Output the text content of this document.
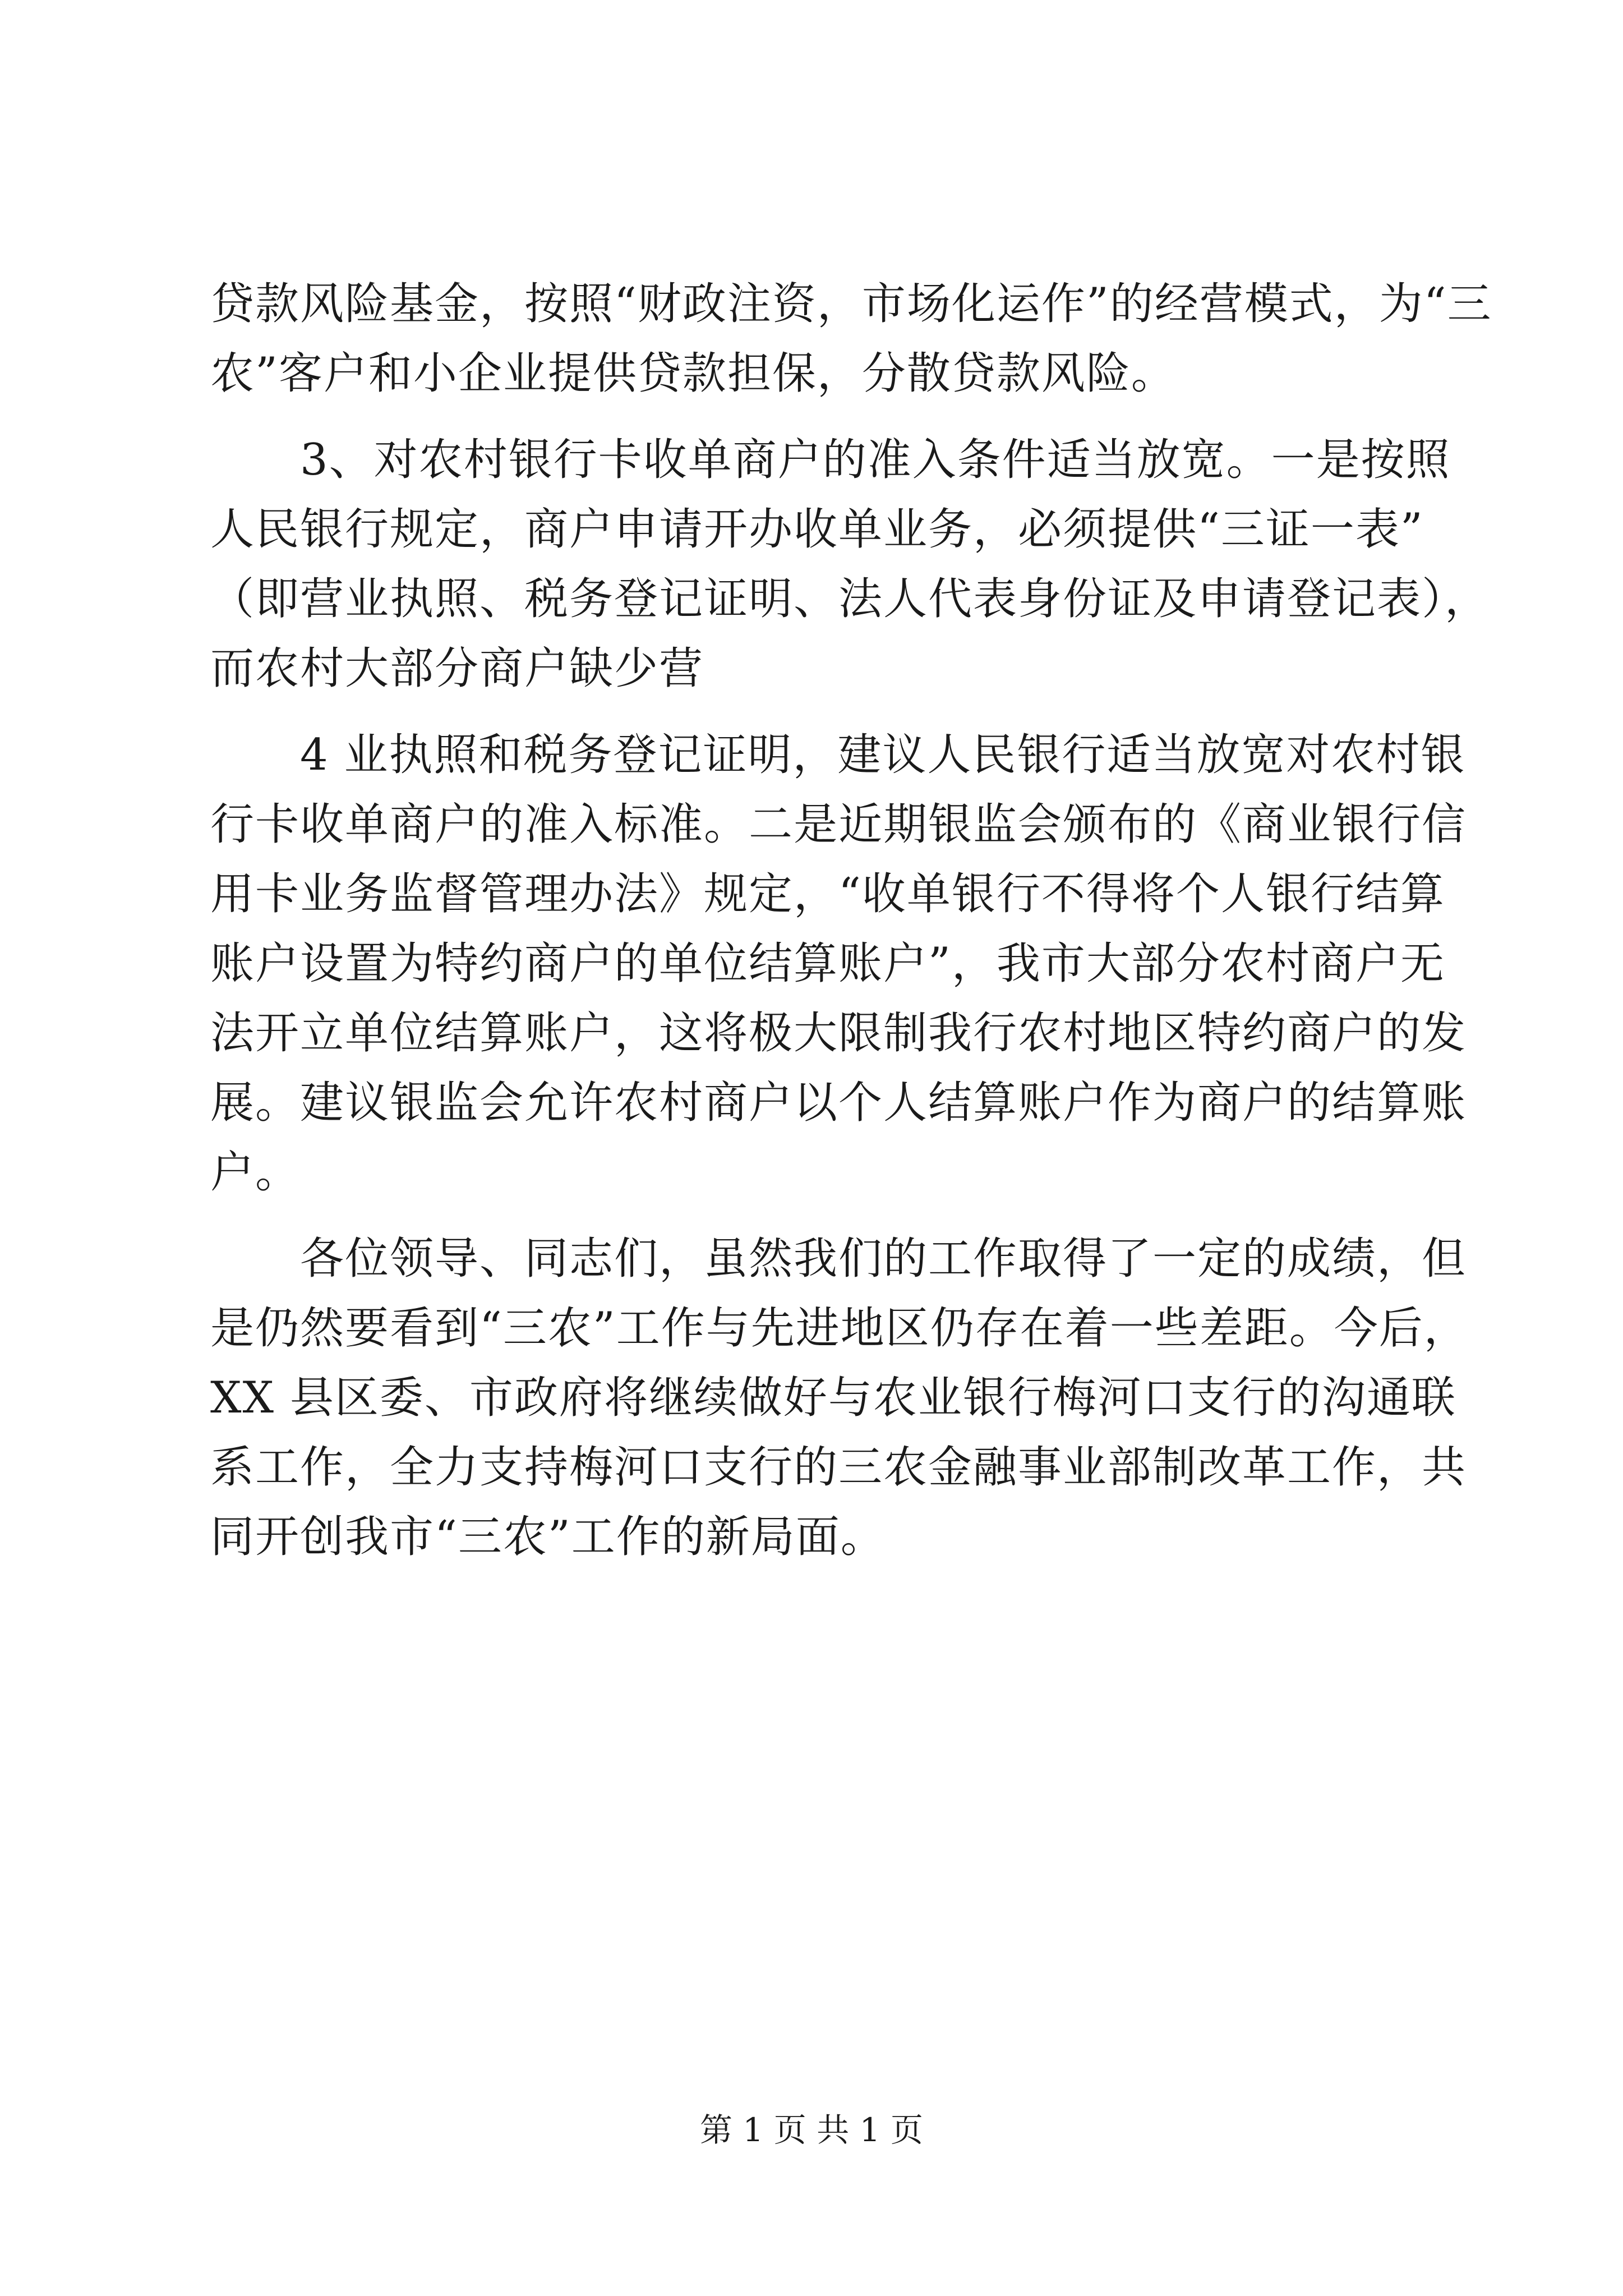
贷款风险基金，按照“财政注资，市场化运作”的经营模式，为“三
农”客户和小企业提供贷款担保，分散贷款风险。
3、对农村银行卡收单商户的准入条件适当放宽。一是按照
人民银行规定，商户申请开办收单业务，必须提供“三证一表”
（即营业执照、税务登记证明、法人代表身份证及申请登记表），
而农村大部分商户缺少营
4 业执照和税务登记证明，建议人民银行适当放宽对农村银
行卡收单商户的准入标准。二是近期银监会颁布的《商业银行信
用卡业务监督管理办法》规定，“收单银行不得将个人银行结算
账户设置为特约商户的单位结算账户”，我市大部分农村商户无
法开立单位结算账户，这将极大限制我行农村地区特约商户的发
展。建议银监会允许农村商户以个人结算账户作为商户的结算账
户。
各位领导、同志们，虽然我们的工作取得了一定的成绩，但
是仍然要看到“三农”工作与先进地区仍存在着一些差距。今后，
XX 县区委、市政府将继续做好与农业银行梅河口支行的沟通联
系工作，全力支持梅河口支行的三农金融事业部制改革工作，共
同开创我市“三农”工作的新局面。
第 1 页 共 1 页
